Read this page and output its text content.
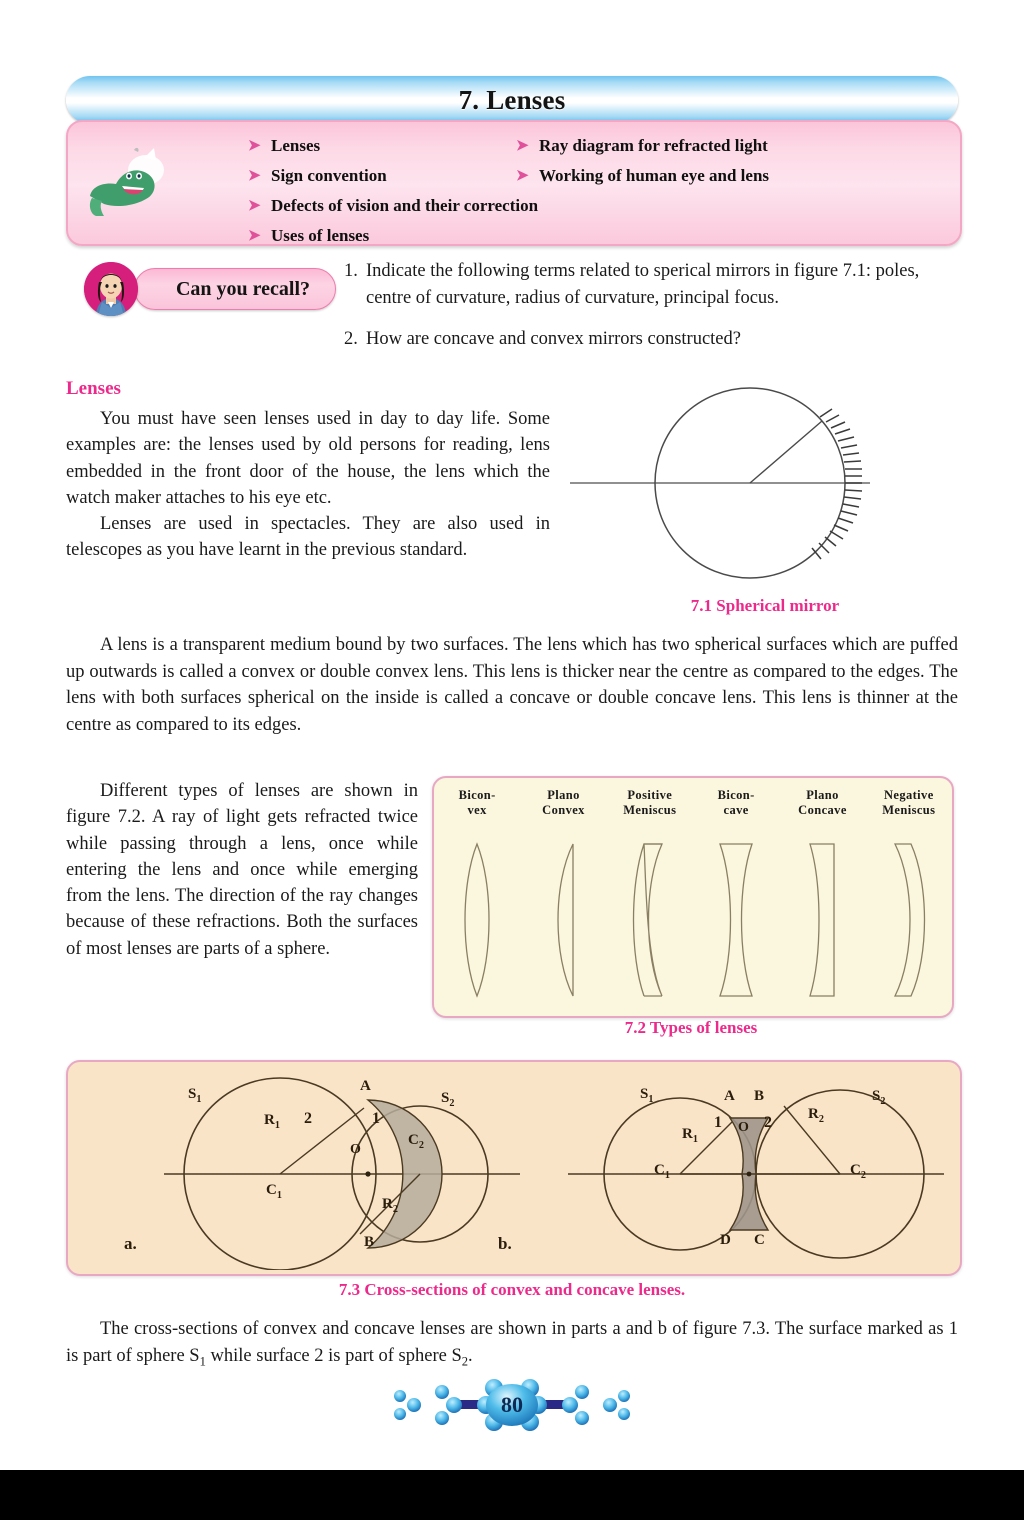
7. Lenses
➤ Lenses	➤ Ray diagram for refracted light
➤ Sign convention	➤ Working of human eye and lens
➤ Defects of vision and their correction
➤ Uses of lenses
Can you recall?
1. Indicate the following terms related to sperical mirrors in figure 7.1: poles, centre of curvature, radius of curvature, principal focus.
2. How are concave and convex mirrors constructed?
Lenses

You must have seen lenses used in day to day life. Some examples are: the lenses used by old persons for reading, lens embedded in the front door of the house, the lens which the watch maker attaches to his eye etc.

Lenses are used in spectacles. They are also used in telescopes as you have learnt in the previous standard.

7.1 Spherical mirror
A lens is a transparent medium bound by two surfaces. The lens which has two spherical surfaces which are puffed up outwards is called a convex or double convex lens. This lens is thicker near the centre as compared to the edges. The lens with both surfaces spherical on the inside is called a concave or double concave lens. This lens is thinner at the centre as compared to its edges.
Different types of lenses are shown in figure 7.2. A ray of light gets refracted twice while passing through a lens, once while entering the lens and once while emerging from the lens. The direction of the ray changes because of these refractions. Both the surfaces of most lenses are parts of a sphere.
Bicon-
vex
Plano
Convex
Positive
Meniscus
Bicon-
cave
Plano
Concave
Negative
Meniscus
7.2 Types of lenses
$S_1$
A
$S_2$
$R_1$ 2	1
$C_2$
O
$C_1$
$R_2$
B
a.
$S_1$	A B	$S_2$
1
$R_1$
O 2 $R_2$
$C_1$	$C_2$
D C
b.
7.3 Cross-sections of convex and concave lenses.
The cross-sections of convex and concave lenses are shown in parts a and b of figure 7.3. The surface marked as 1 is part of sphere $S_1$ while surface 2 is part of sphere $S_2$.
80
